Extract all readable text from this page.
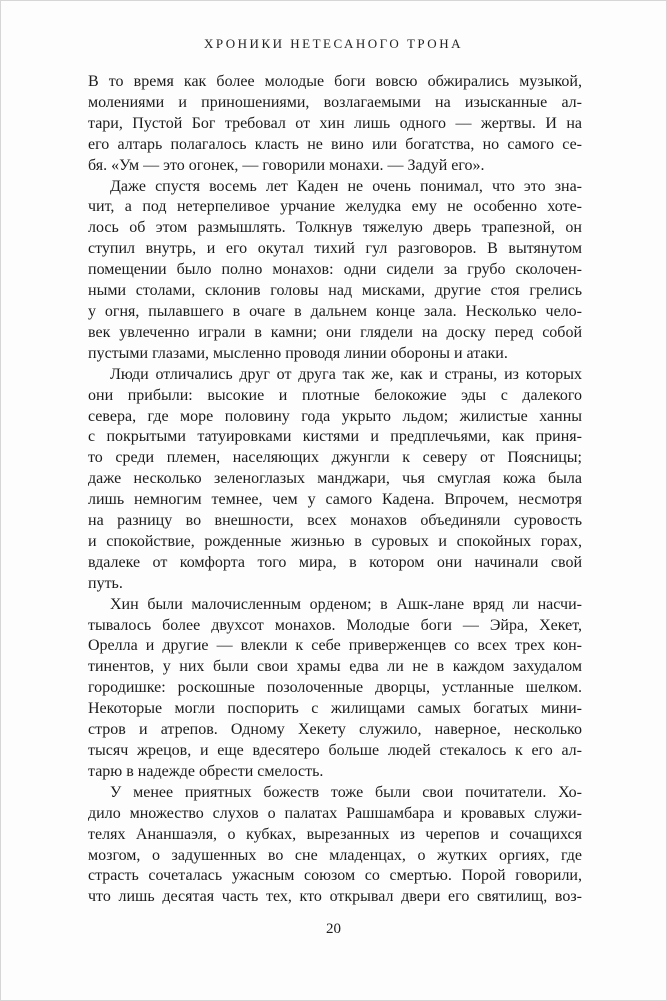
ХРОНИКИ НЕТЕСАНОГО ТРОНА
В то время как более молодые боги вовсю обжирались музыкой,
молениями и приношениями, возлагаемыми на изысканные ал-
тари, Пустой Бог требовал от хин лишь одного — жертвы. И на
его алтарь полагалось класть не вино или богатства, но самого се-
бя. «Ум — это огонек, — говорили монахи. — Задуй его».
Даже спустя восемь лет Каден не очень понимал, что это зна-
чит, а под нетерпеливое урчание желудка ему не особенно хоте-
лось об этом размышлять. Толкнув тяжелую дверь трапезной, он
ступил внутрь, и его окутал тихий гул разговоров. В вытянутом
помещении было полно монахов: одни сидели за грубо сколочен-
ными столами, склонив головы над мисками, другие стоя грелись
у огня, пылавшего в очаге в дальнем конце зала. Несколько чело-
век увлеченно играли в камни; они глядели на доску перед собой
пустыми глазами, мысленно проводя линии обороны и атаки.
Люди отличались друг от друга так же, как и страны, из которых
они прибыли: высокие и плотные белокожие эды с далекого
севера, где море половину года укрыто льдом; жилистые ханны
с покрытыми татуировками кистями и предплечьями, как приня-
то среди племен, населяющих джунгли к северу от Поясницы;
даже несколько зеленоглазых манджари, чья смуглая кожа была
лишь немногим темнее, чем у самого Кадена. Впрочем, несмотря
на разницу во внешности, всех монахов объединяли суровость
и спокойствие, рожденные жизнью в суровых и спокойных горах,
вдалеке от комфорта того мира, в котором они начинали свой
путь.
Хин были малочисленным орденом; в Ашк-лане вряд ли насчи-
тывалось более двухсот монахов. Молодые боги — Эйра, Хекет,
Орелла и другие — влекли к себе приверженцев со всех трех кон-
тинентов, у них были свои храмы едва ли не в каждом захудалом
городишке: роскошные позолоченные дворцы, устланные шелком.
Некоторые могли поспорить с жилищами самых богатых мини-
стров и атрепов. Одному Хекету служило, наверное, несколько
тысяч жрецов, и еще вдесятеро больше людей стекалось к его ал-
тарю в надежде обрести смелость.
У менее приятных божеств тоже были свои почитатели. Хо-
дило множество слухов о палатах Рашшамбара и кровавых служи-
телях Ананшаэля, о кубках, вырезанных из черепов и сочащихся
мозгом, о задушенных во сне младенцах, о жутких оргиях, где
страсть сочеталась ужасным союзом со смертью. Порой говорили,
что лишь десятая часть тех, кто открывал двери его святилищ, воз-
20
